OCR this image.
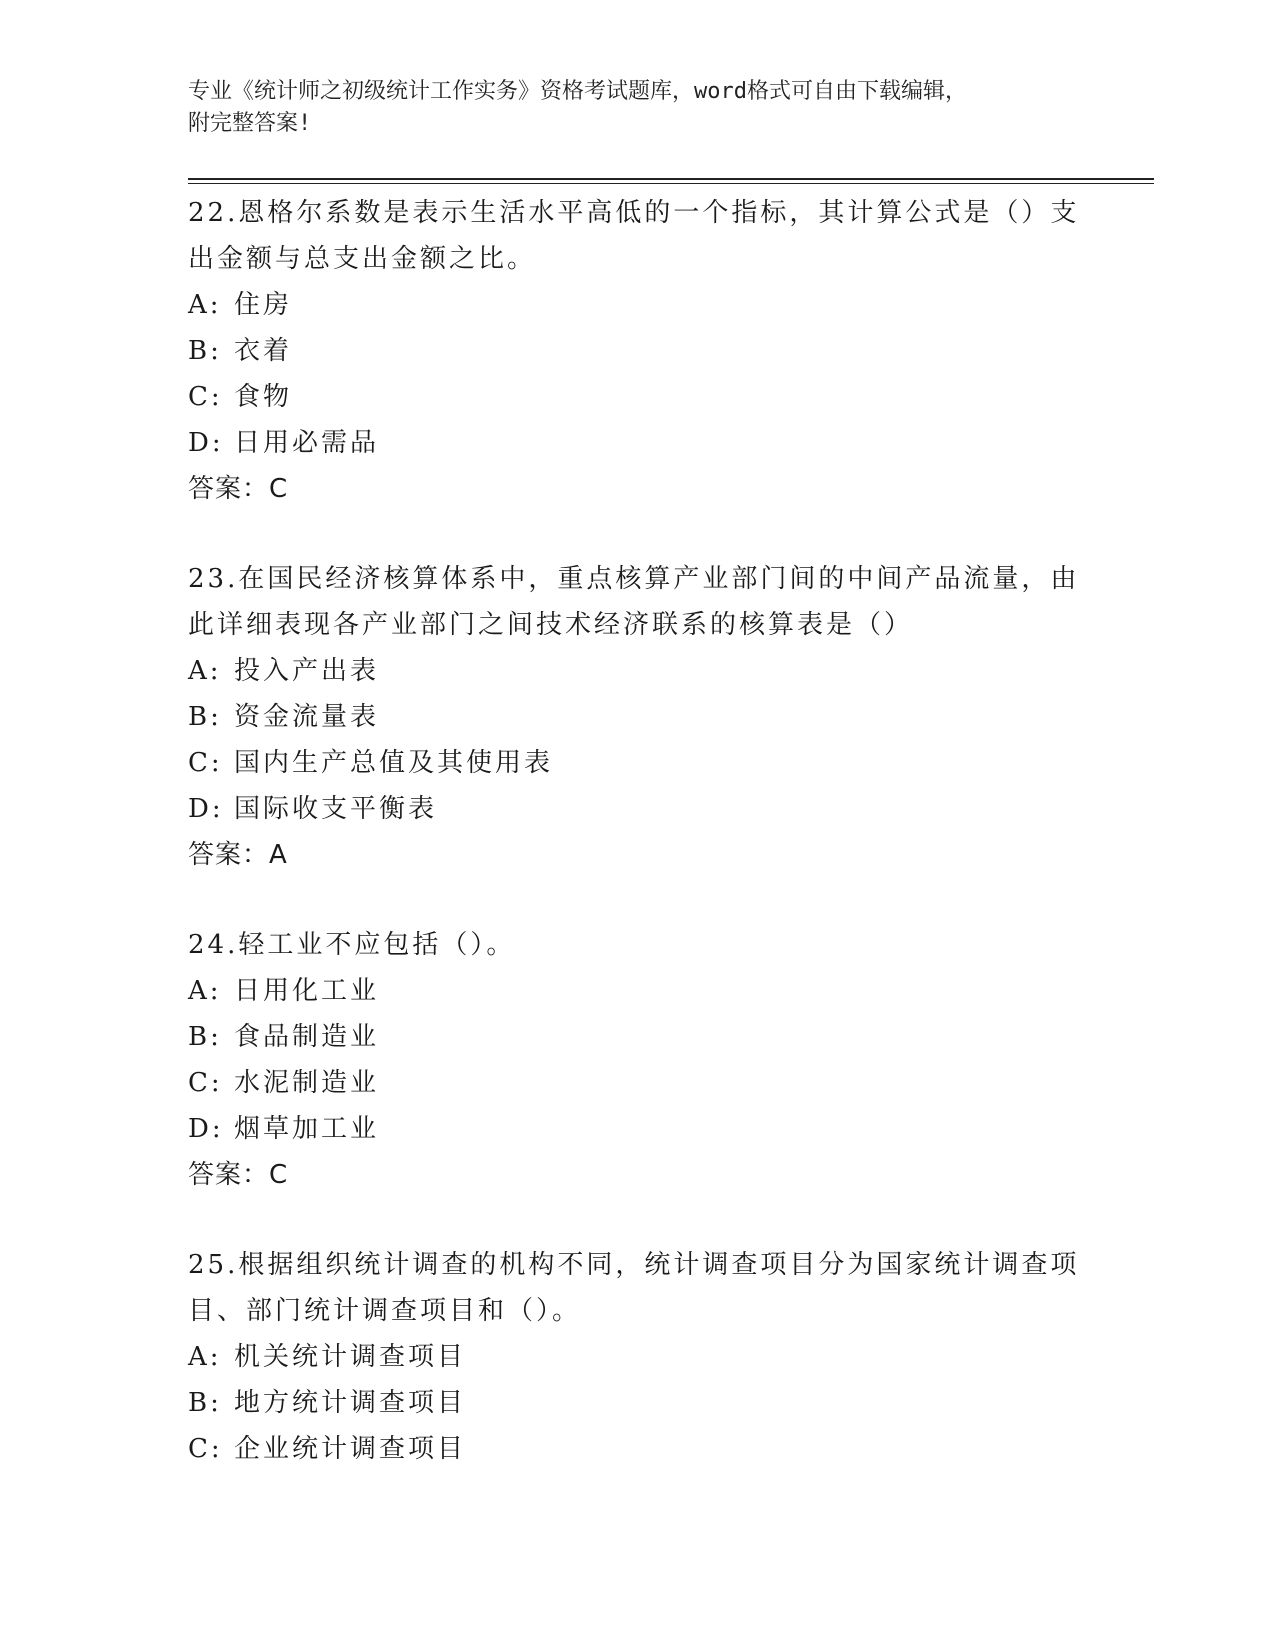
专业《统计师之初级统计工作实务》资格考试题库，word格式可自由下载编辑，
附完整答案!
22.恩格尔系数是表示生活水平高低的一个指标，其计算公式是（）支出金额与总支出金额之比。
A: 住房
B: 衣着
C: 食物
D: 日用必需品
答案：C
23.在国民经济核算体系中，重点核算产业部门间的中间产品流量，由此详细表现各产业部门之间技术经济联系的核算表是（）
A: 投入产出表
B: 资金流量表
C: 国内生产总值及其使用表
D: 国际收支平衡表
答案：A
24.轻工业不应包括（）。
A: 日用化工业
B: 食品制造业
C: 水泥制造业
D: 烟草加工业
答案：C
25.根据组织统计调查的机构不同，统计调查项目分为国家统计调查项目、部门统计调查项目和（）。
A: 机关统计调查项目
B: 地方统计调查项目
C: 企业统计调查项目
